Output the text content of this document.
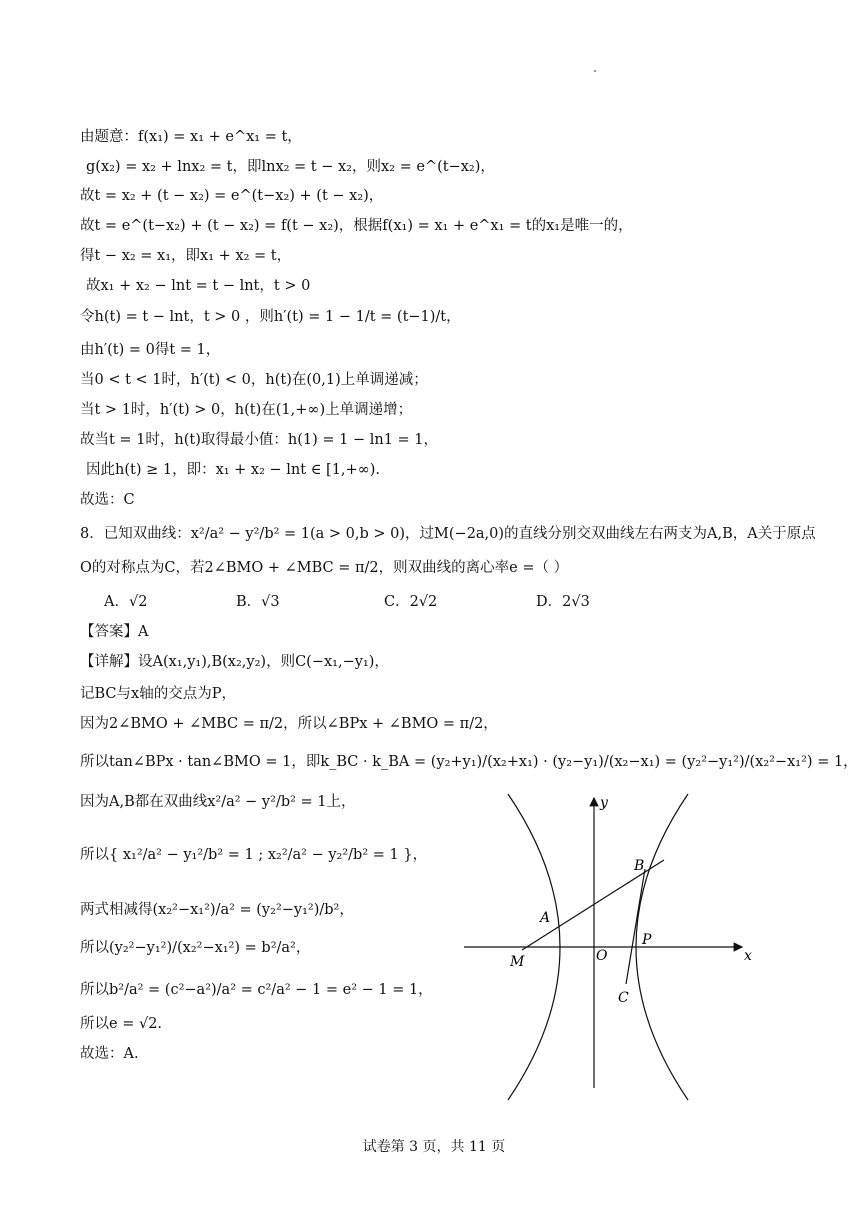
由题意：f(x₁) = x₁ + e^x₁ = t，
g(x₂) = x₂ + lnx₂ = t，即lnx₂ = t − x₂，则x₂ = e^(t−x₂)，
故t = x₂ + (t − x₂) = e^(t−x₂) + (t − x₂)，
故t = e^(t−x₂) + (t − x₂) = f(t − x₂)，根据f(x₁) = x₁ + e^x₁ = t的x₁是唯一的，
得t − x₂ = x₁，即x₁ + x₂ = t，
故x₁ + x₂ − lnt = t − lnt，t > 0
令h(t) = t − lnt，t > 0 ，则h′(t) = 1 − 1/t = (t−1)/t，
由h′(t) = 0得t = 1，
当0 < t < 1时，h′(t) < 0，h(t)在(0,1)上单调递减；
当t > 1时，h′(t) > 0，h(t)在(1,+∞)上单调递增；
故当t = 1时，h(t)取得最小值：h(1) = 1 − ln1 = 1，
因此h(t) ≥ 1，即：x₁ + x₂ − lnt ∈ [1,+∞).
故选：C
8．已知双曲线：x²/a² − y²/b² = 1(a > 0,b > 0)，过M(−2a,0)的直线分别交双曲线左右两支为A,B，A关于原点
O的对称点为C，若2∠BMO + ∠MBC = π/2，则双曲线的离心率e =（ ）
A．√2	B．√3	C．2√2	D．2√3
【答案】A
【详解】设A(x₁,y₁),B(x₂,y₂)，则C(−x₁,−y₁)，
记BC与x轴的交点为P，
因为2∠BMO + ∠MBC = π/2，所以∠BPx + ∠BMO = π/2，
所以tan∠BPx · tan∠BMO = 1，即k_BC · k_BA = (y₂+y₁)/(x₂+x₁) · (y₂−y₁)/(x₂−x₁) = (y₂²−y₁²)/(x₂²−x₁²) = 1，
因为A,B都在双曲线x²/a² − y²/b² = 1上，
所以{ x₁²/a² − y₁²/b² = 1 ; x₂²/a² − y₂²/b² = 1 }，
两式相减得(x₂²−x₁²)/a² = (y₂²−y₁²)/b²，
所以(y₂²−y₁²)/(x₂²−x₁²) = b²/a²，
所以b²/a² = (c²−a²)/a² = c²/a² − 1 = e² − 1 = 1，
所以e = √2.
故选：A.
y
x
B
A
P
M	O
C
试卷第 3 页，共 11 页
